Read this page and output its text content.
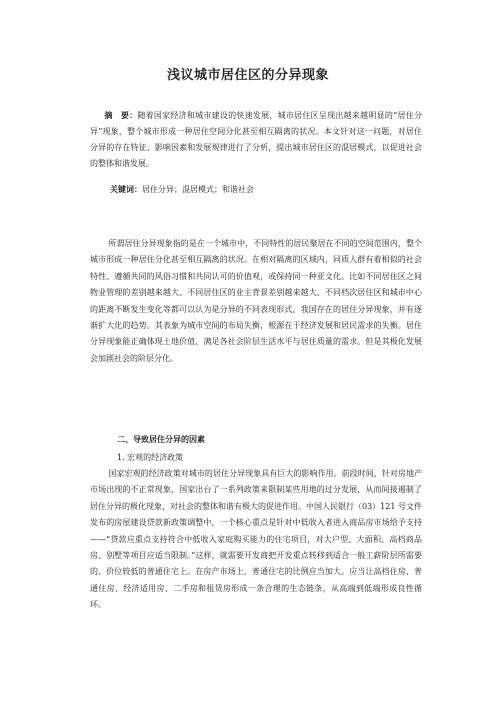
浅议城市居住区的分异现象

摘　要：随着国家经济和城市建设的快速发展，城市居住区呈现出越来越明显的“居住分异”现象，整个城市形成一种居住空间分化甚至相互隔离的状况。本文针对这一问题，对居住分异的存在特征、影响因素和发展规律进行了分析，提出城市居住区的混居模式，以促进社会的整体和谐发展。

关键词：居住分异；混居模式；和谐社会

所谓居住分异现象指的是在一个城市中，不同特性的居民聚居在不同的空间范围内，整个城市形成一种居住分化甚至相互隔离的状况。在相对隔离的区域内，同质人群有着相似的社会特性、遵循共同的风俗习惯和共同认可的价值观，或保持同一种亚文化。比如不同居住区之间物业管理的差别越来越大、不同居住区的业主背景差别越来越大、不同档次居住区和城市中心的距离不断发生变化等都可以认为是分异的不同表现形式。我国存在的居住分异现象，并有逐渐扩大化的趋势。其表象为城市空间的布局失衡，根源在于经济发展和居民需求的失衡。居住分异现象能正确体现土地价值、满足各社会阶层生活水平与居住质量的需求。但是其极化发展会加剧社会的阶层分化。

二、导致居住分异的因素
1. 宏观的经济政策

国家宏观的经济政策对城市的居住分异现象具有巨大的影响作用。前段时间，针对房地产市场出现的不正常现象，国家出台了一系列政策来限制某些用地的过分发展，从而间接遏制了居住分异的极化现象，对社会的整体和谐有极大的促进作用。中国人民银行（03）121 号文件发布的房屋建设贷款新政策调整中，一个核心重点是针对中低收入者进入商品房市场给予支持——“贷款应重点支持符合中低收入家庭购买能力的住宅项目，对大户型、大面积、高档商品房、别墅等项目应适当限制。”这样，就需要开发商把开发重点转移到适合一般工薪阶层所需要的、价位较低的普通住宅上。在房产市场上，普通住宅的比例应当加大。应当让高档住房、普通住房、经济适用房、二手房和租赁房形成一条合理的生态链条，从高端到低端形成良性循环。
